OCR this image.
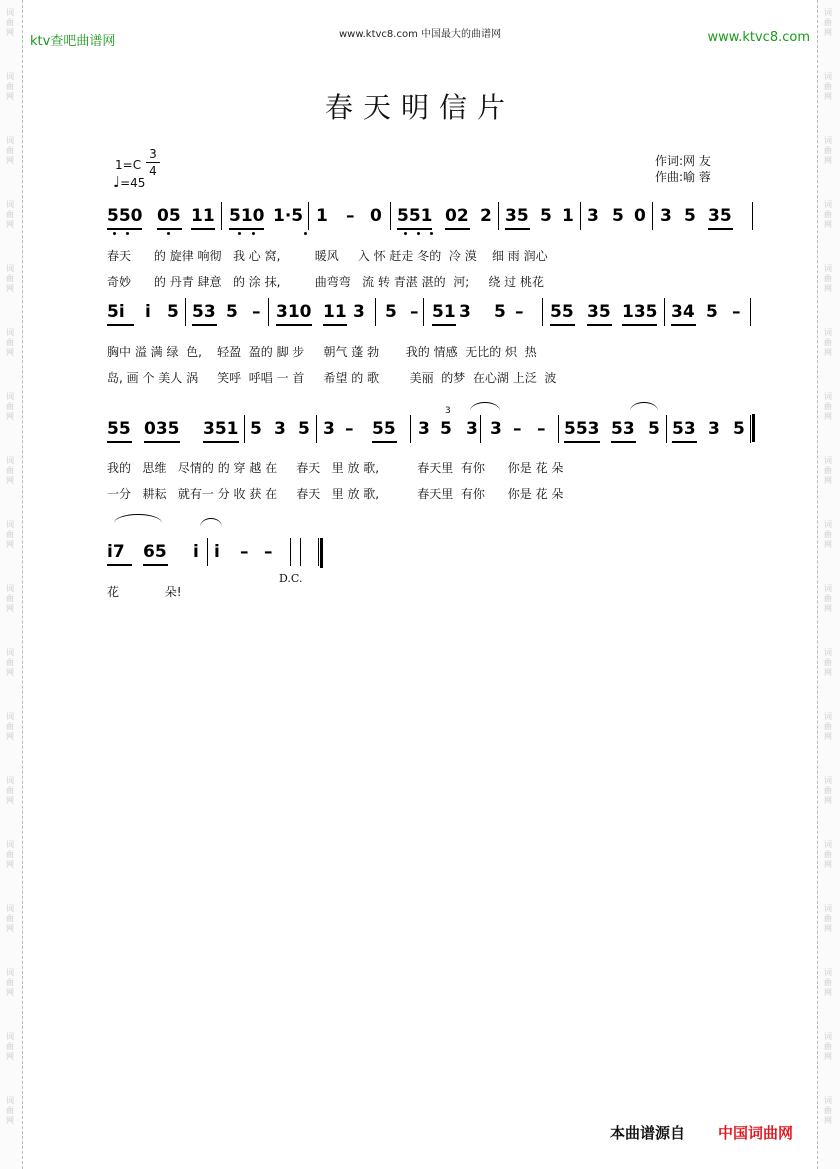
词曲网
词曲网
词曲网
词曲网
词曲网
词曲网
词曲网
词曲网
词曲网
词曲网
词曲网
词曲网
词曲网
词曲网
词曲网
词曲网
词曲网
词曲网
词曲网
词曲网
词曲网
词曲网
词曲网
词曲网
词曲网
词曲网
词曲网
词曲网
词曲网
词曲网
词曲网
词曲网
词曲网
词曲网
词曲网
词曲网
ktv查吧曲谱网	www.ktvc8.com 中国最大的曲谱网	www.ktvc8.com
春天明信片
1=C
3
4
♩=45
作词:网 友
作曲:喻 蓉
550 05 11 510 1·5 1 – 0 551 02 2 35 5 1 3 5 0 3 5 35
春天      的 旋律 响彻   我 心 窝,         暖风     入 怀 赶走 冬的  冷 漠    细 雨 润心
奇妙      的 丹青 肆意   的 涂 抹,         曲弯弯   流 转 青湛 湛的  河;     绕 过 桃花
5i i 5 53 5 – 310 11 3 5 – 51 3 5 – 55 35 135 34 5 –
胸中 溢 满 绿  色,    轻盈  盈的 脚 步     朝气 蓬 勃       我的 情感  无比的 炽  热
岛, 画 个 美人 涡     笑呼  呼唱 一 首     希望 的 歌        美丽  的梦  在心湖 上泛  波
55 035 351 5 3 5 3 – 55 3 5 3 3 – – 553 53 5 53 3 5
我的   思维   尽情的 的 穿 越 在     春天   里 放 歌,          春天里  有你      你是 花 朵
一分   耕耘   就有一 分 收 获 在     春天   里 放 歌,          春天里  有你      你是 花 朵
i7 65 i i – –
花            朵!
3
D.C.
本曲谱源自 中国词曲网
